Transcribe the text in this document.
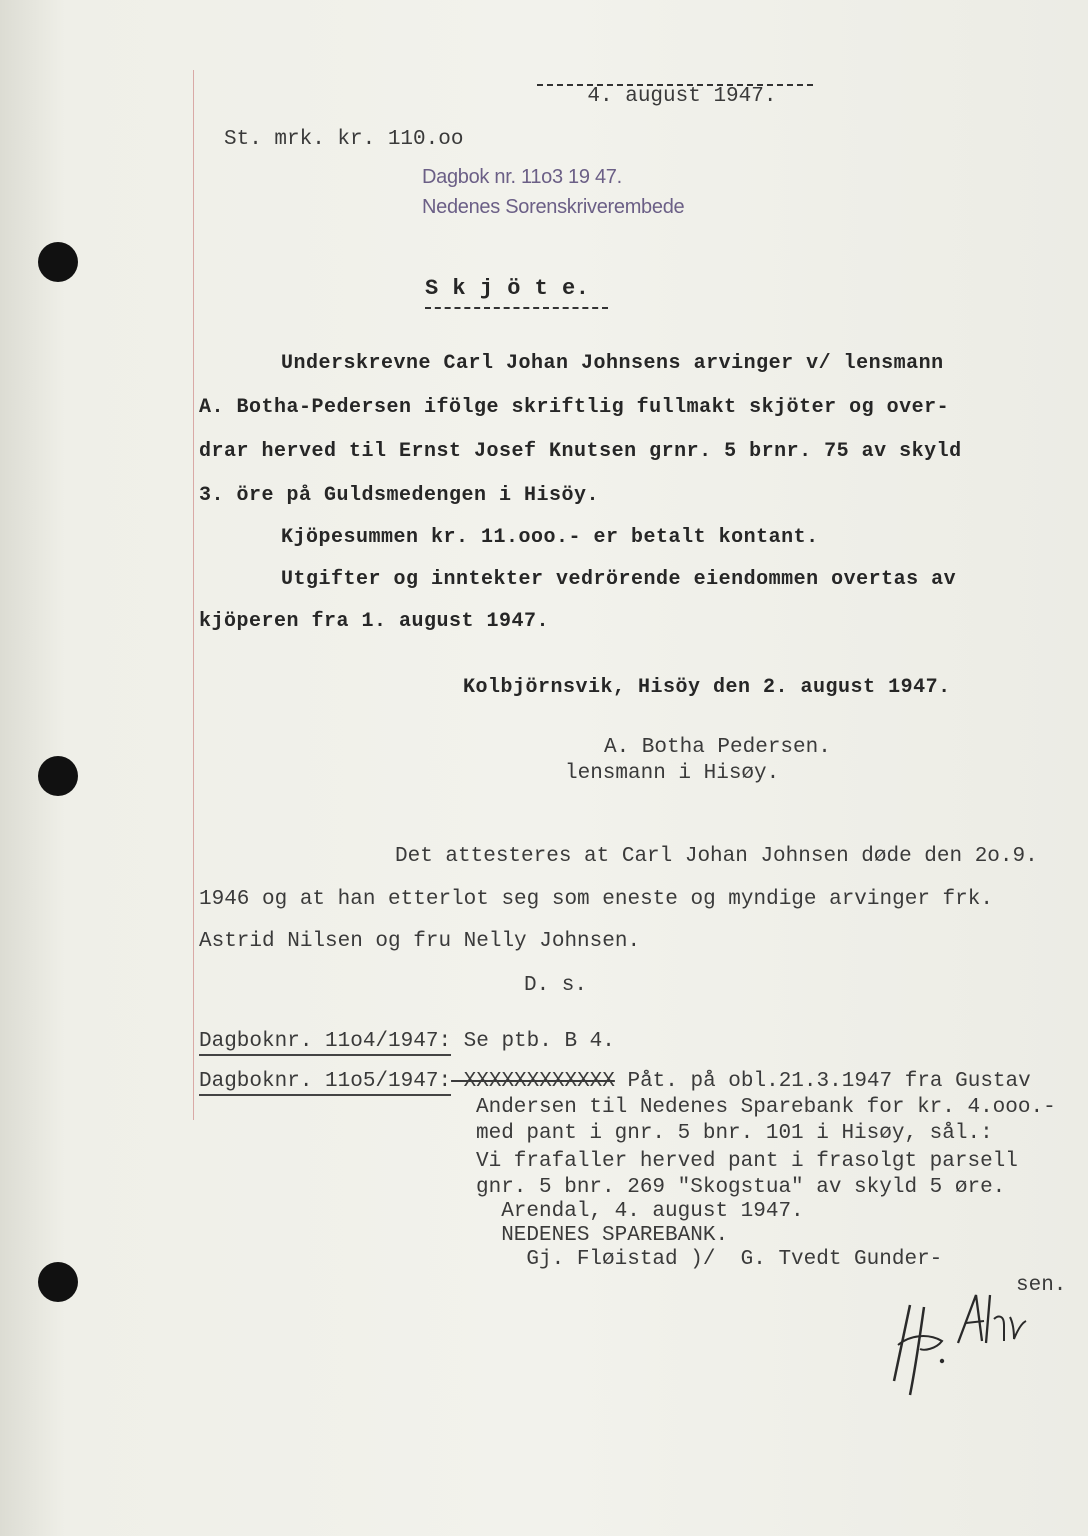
4. august 1947.

St. mrk. kr. 110.oo
Dagbok nr. 11o3 19 47.
Nedenes Sorenskriverembede
S k j ö t e.
Underskrevne Carl Johan Johnsens arvinger v/ lensmann
A. Botha-Pedersen ifölge skriftlig fullmakt skjöter og over-
drar herved til Ernst Josef Knutsen grnr. 5 brnr. 75 av skyld
3. öre på Guldsmedengen i Hisöy.
Kjöpesummen kr. 11.ooo.- er betalt kontant.
Utgifter og inntekter vedrörende eiendommen overtas av
kjöperen fra 1. august 1947.
Kolbjörnsvik, Hisöy den 2. august 1947.
A. Botha Pedersen.
lensmann i Hisøy.
Det attesteres at Carl Johan Johnsen døde den 2o.9.
1946 og at han etterlot seg som eneste og myndige arvinger frk.
Astrid Nilsen og fru Nelly Johnsen.
D. s.
Dagboknr. 11o4/1947: Se ptb. B 4.
Dagboknr. 11o5/1947: XXXXXXXXXXXX Påt. på obl.21.3.1947 fra Gustav
Andersen til Nedenes Sparebank for kr. 4.ooo.-
med pant i gnr. 5 bnr. 101 i Hisøy, sål.:
Vi frafaller herved pant i frasolgt parsell
gnr. 5 bnr. 269 "Skogstua" av skyld 5 øre.
Arendal, 4. august 1947.
NEDENES SPAREBANK.
Gj. Fløistad )/  G. Tvedt Gunder-
sen.
